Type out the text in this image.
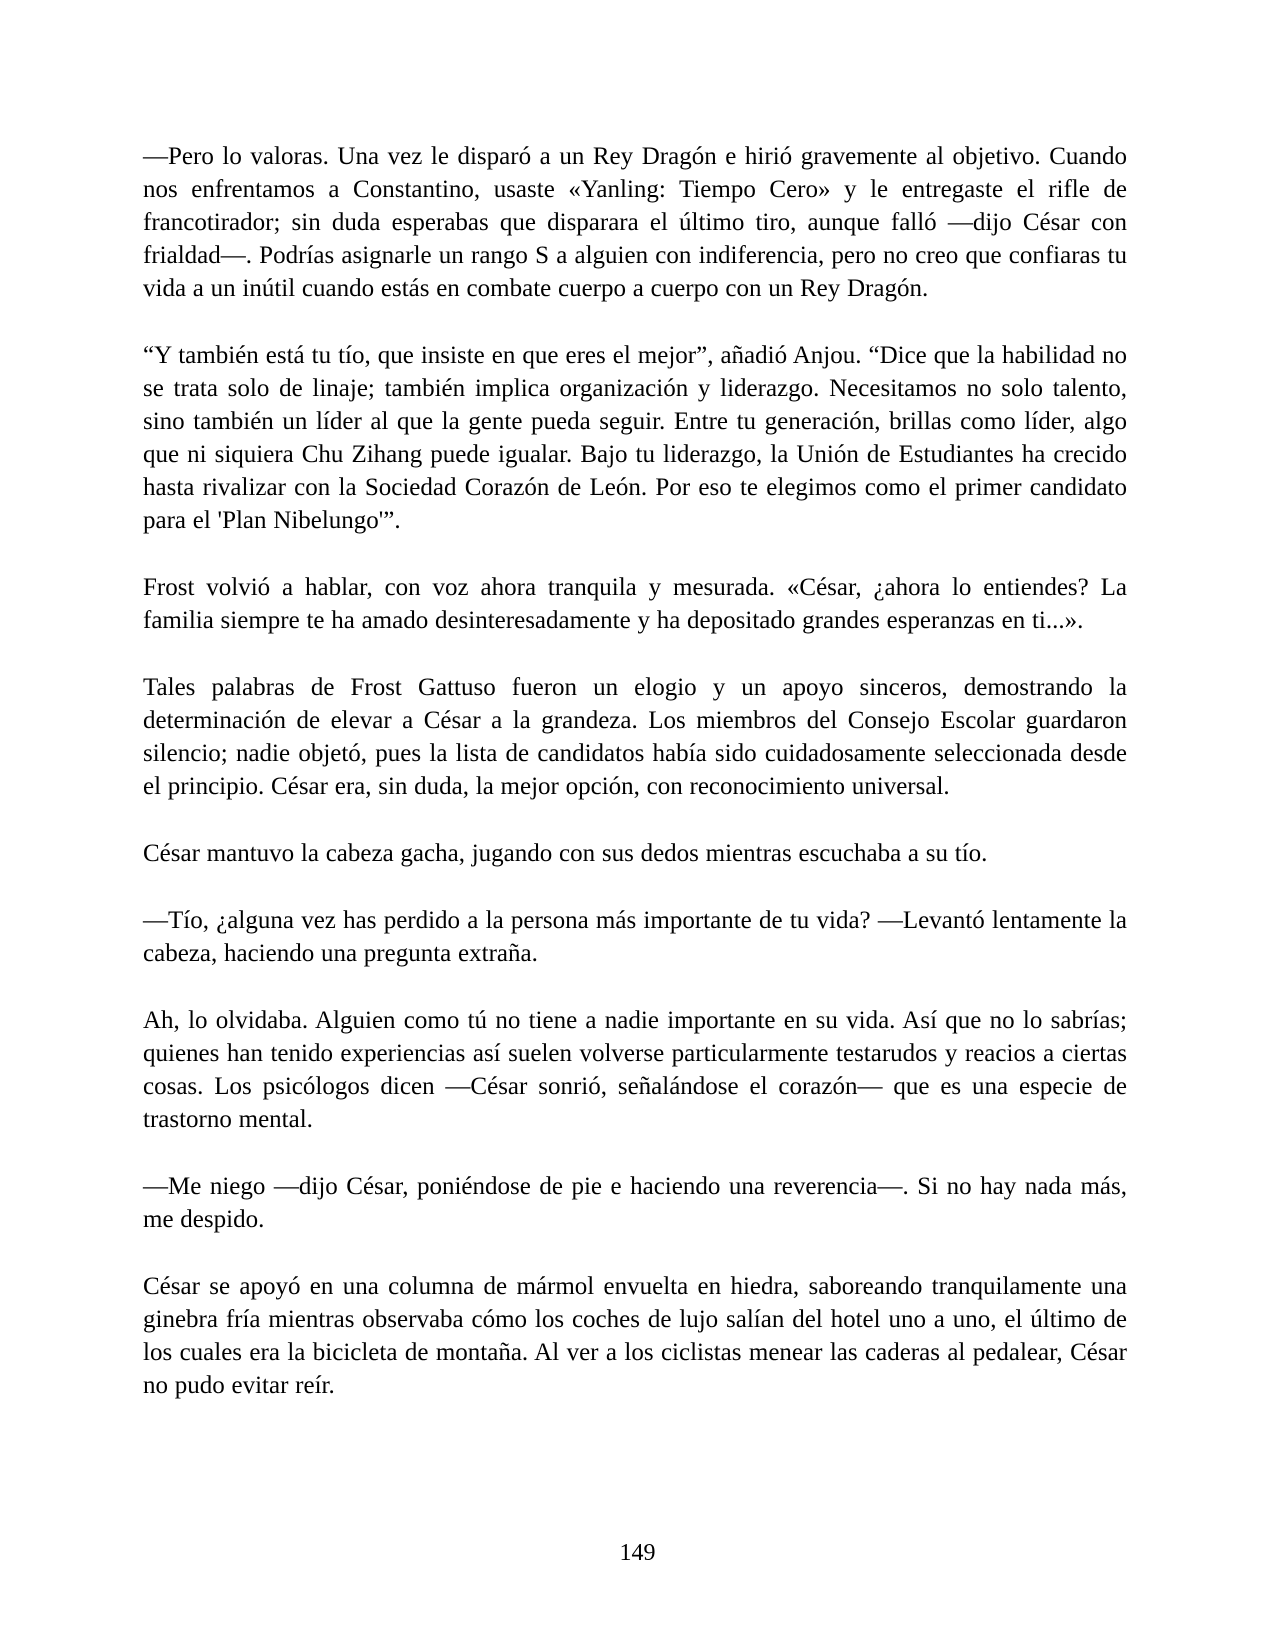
—Pero lo valoras. Una vez le disparó a un Rey Dragón e hirió gravemente al objetivo. Cuando nos enfrentamos a Constantino, usaste «Yanling: Tiempo Cero» y le entregaste el rifle de francotirador; sin duda esperabas que disparara el último tiro, aunque falló —dijo César con frialdad—. Podrías asignarle un rango S a alguien con indiferencia, pero no creo que confiaras tu vida a un inútil cuando estás en combate cuerpo a cuerpo con un Rey Dragón.

“Y también está tu tío, que insiste en que eres el mejor”, añadió Anjou. “Dice que la habilidad no se trata solo de linaje; también implica organización y liderazgo. Necesitamos no solo talento, sino también un líder al que la gente pueda seguir. Entre tu generación, brillas como líder, algo que ni siquiera Chu Zihang puede igualar. Bajo tu liderazgo, la Unión de Estudiantes ha crecido hasta rivalizar con la Sociedad Corazón de León. Por eso te elegimos como el primer candidato para el 'Plan Nibelungo'”.

Frost volvió a hablar, con voz ahora tranquila y mesurada. «César, ¿ahora lo entiendes? La familia siempre te ha amado desinteresadamente y ha depositado grandes esperanzas en ti...».

Tales palabras de Frost Gattuso fueron un elogio y un apoyo sinceros, demostrando la determinación de elevar a César a la grandeza. Los miembros del Consejo Escolar guardaron silencio; nadie objetó, pues la lista de candidatos había sido cuidadosamente seleccionada desde el principio. César era, sin duda, la mejor opción, con reconocimiento universal.

César mantuvo la cabeza gacha, jugando con sus dedos mientras escuchaba a su tío.

—Tío, ¿alguna vez has perdido a la persona más importante de tu vida? —Levantó lentamente la cabeza, haciendo una pregunta extraña.

Ah, lo olvidaba. Alguien como tú no tiene a nadie importante en su vida. Así que no lo sabrías; quienes han tenido experiencias así suelen volverse particularmente testarudos y reacios a ciertas cosas. Los psicólogos dicen —César sonrió, señalándose el corazón— que es una especie de trastorno mental.

—Me niego —dijo César, poniéndose de pie e haciendo una reverencia—. Si no hay nada más, me despido.

César se apoyó en una columna de mármol envuelta en hiedra, saboreando tranquilamente una ginebra fría mientras observaba cómo los coches de lujo salían del hotel uno a uno, el último de los cuales era la bicicleta de montaña. Al ver a los ciclistas menear las caderas al pedalear, César no pudo evitar reír.

149
